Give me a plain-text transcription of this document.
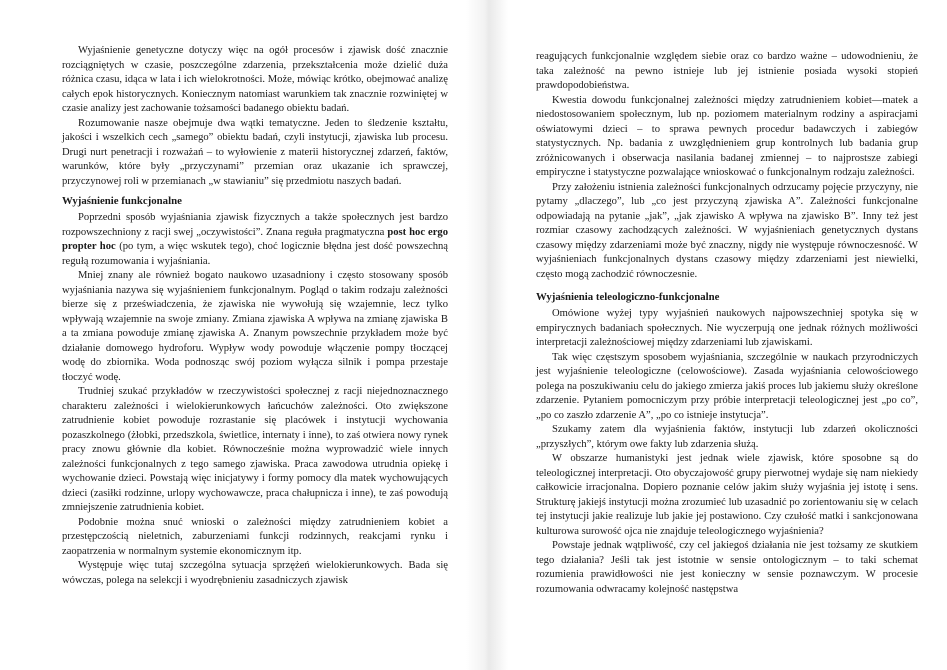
Wyjaśnienie genetyczne dotyczy więc na ogół procesów i zjawisk dość znacznie rozciągniętych w czasie, poszczególne zdarzenia, przekształcenia może dzielić duża różnica czasu, idąca w lata i ich wielokrotności. Może, mówiąc krótko, obejmować analizę całych epok historycznych. Koniecznym natomiast warunkiem tak znacznie rozwiniętej w czasie analizy jest zachowanie tożsamości badanego obiektu badań.

Rozumowanie nasze obejmuje dwa wątki tematyczne. Jeden to śledzenie kształtu, jakości i wszelkich cech „samego” obiektu badań, czyli instytucji, zjawiska lub procesu. Drugi nurt penetracji i rozważań – to wyłowienie z materii historycznej zdarzeń, faktów, warunków, które były „przyczynami” przemian oraz ukazanie ich sprawczej, przyczynowej roli w przemianach „w stawianiu” się przedmiotu naszych badań.

Wyjaśnienie funkcjonalne

Poprzedni sposób wyjaśniania zjawisk fizycznych a także społecznych jest bardzo rozpowszechniony z racji swej „oczywistości”. Znana reguła pragmatyczna post hoc ergo propter hoc (po tym, a więc wskutek tego), choć logicznie błędna jest dość powszechną regułą rozumowania i wyjaśniania.

Mniej znany ale również bogato naukowo uzasadniony i często stosowany sposób wyjaśniania nazywa się wyjaśnieniem funkcjonalnym. Pogląd o takim rodzaju zależności bierze się z przeświadczenia, że zjawiska nie wywołują się wzajemnie, lecz tylko wpływają wzajemnie na swoje zmiany. Zmiana zjawiska A wpływa na zmianę zjawiska B a ta zmiana powoduje zmianę zjawiska A. Znanym powszechnie przykładem może być działanie domowego hydroforu. Wypływ wody powoduje włączenie pompy tłoczącej wodę do zbiornika. Woda podnosząc swój poziom wyłącza silnik i pompa przestaje tłoczyć wodę.

Trudniej szukać przykładów w rzeczywistości społecznej z racji niejednoznacznego charakteru zależności i wielokierunkowych łańcuchów zależności. Oto zwiększone zatrudnienie kobiet powoduje rozrastanie się placówek i instytucji wychowania pozaszkolnego (żłobki, przedszkola, świetlice, internaty i inne), to zaś otwiera nowy rynek pracy znowu głównie dla kobiet. Równocześnie można wyprowadzić wiele innych zależności funkcjonalnych z tego samego zjawiska. Praca zawodowa utrudnia opiekę i wychowanie dzieci. Powstają więc inicjatywy i formy pomocy dla matek wychowujących dzieci (zasiłki rodzinne, urlopy wychowawcze, praca chałupnicza i inne), te zaś powodują zmniejszenie zatrudnienia kobiet.

Podobnie można snuć wnioski o zależności między zatrudnieniem kobiet a przestępczością nieletnich, zaburzeniami funkcji rodzinnych, reakcjami rynku i zaopatrzenia w normalnym systemie ekonomicznym itp.

Występuje więc tutaj szczególna sytuacja sprzężeń wielokierunkowych. Bada się wówczas, polega na selekcji i wyodrębnieniu zasadniczych zjawisk

reagujących funkcjonalnie względem siebie oraz co bardzo ważne – udowodnieniu, że taka zależność na pewno istnieje lub jej istnienie posiada wysoki stopień prawdopodobieństwa.

Kwestia dowodu funkcjonalnej zależności między zatrudnieniem kobiet—matek a niedostosowaniem społecznym, lub np. poziomem materialnym rodziny a aspiracjami oświatowymi dzieci – to sprawa pewnych procedur badawczych i zabiegów statystycznych. Np. badania z uwzględnieniem grup kontrolnych lub badania grup zróżnicowanych i obserwacja nasilania badanej zmiennej – to najprostsze zabiegi empiryczne i statystyczne pozwalające wnioskować o funkcjonalnym rodzaju zależności.

Przy założeniu istnienia zależności funkcjonalnych odrzucamy pojęcie przyczyny, nie pytamy „dlaczego”, lub „co jest przyczyną zjawiska A”. Zależności funkcjonalne odpowiadają na pytanie „jak”, „jak zjawisko A wpływa na zjawisko B”. Inny też jest rozmiar czasowy zachodzących zależności. W wyjaśnieniach genetycznych dystans czasowy między zdarzeniami może być znaczny, nigdy nie występuje równoczesność. W wyjaśnieniach funkcjonalnych dystans czasowy między zdarzeniami jest niewielki, często mogą zachodzić równoczesnie.

Wyjaśnienia teleologiczno-funkcjonalne

Omówione wyżej typy wyjaśnień naukowych najpowszechniej spotyka się w empirycznych badaniach społecznych. Nie wyczerpują one jednak różnych możliwości interpretacji zależnościowej między zdarzeniami lub zjawiskami.

Tak więc częstszym sposobem wyjaśniania, szczególnie w naukach przyrodniczych jest wyjaśnienie teleologiczne (celowościowe). Zasada wyjaśniania celowościowego polega na poszukiwaniu celu do jakiego zmierza jakiś proces lub jakiemu służy określone zdarzenie. Pytaniem pomocniczym przy próbie interpretacji teleologicznej jest „po co”, „po co zaszło zdarzenie A”, „po co istnieje instytucja”.

Szukamy zatem dla wyjaśnienia faktów, instytucji lub zdarzeń okoliczności „przyszłych”, którym owe fakty lub zdarzenia służą.

W obszarze humanistyki jest jednak wiele zjawisk, które sposobne są do teleologicznej interpretacji. Oto obyczajowość grupy pierwotnej wydaje się nam niekiedy całkowicie irracjonalna. Dopiero poznanie celów jakim służy wyjaśnia jej istotę i sens. Strukturę jakiejś instytucji można zrozumieć lub uzasadnić po zorientowaniu się w celach tej instytucji jakie realizuje lub jakie jej postawiono. Czy czułość matki i sankcjonowana kulturowa surowość ojca nie znajduje teleologicznego wyjaśnienia?

Powstaje jednak wątpliwość, czy cel jakiegoś działania nie jest tożsamy ze skutkiem tego działania? Jeśli tak jest istotnie w sensie ontologicznym – to taki schemat rozumienia prawidłowości nie jest konieczny w sensie poznawczym. W procesie rozumowania odwracamy kolejność następstwa
